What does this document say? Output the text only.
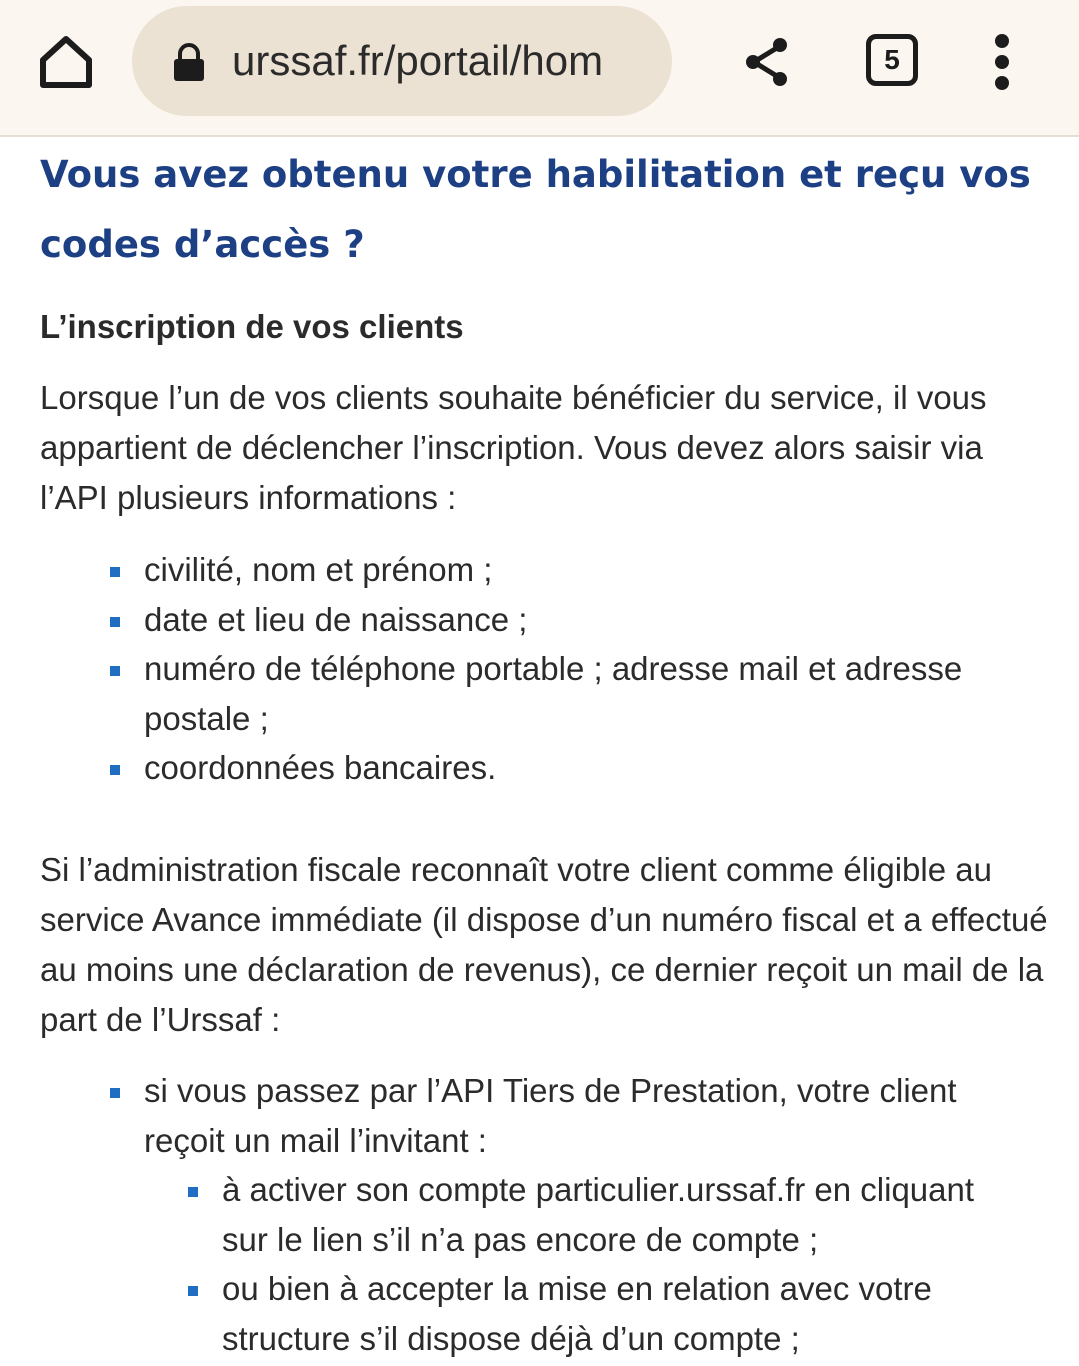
urssaf.fr/portail/hom	5
Vous avez obtenu votre habilitation et reçu vos codes d’accès ?
L’inscription de vos clients

Lorsque l’un de vos clients souhaite bénéficier du service, il vous appartient de déclencher l’inscription. Vous devez alors saisir via l’API plusieurs informations :

civilité, nom et prénom ;
date et lieu de naissance ;
numéro de téléphone portable ; adresse mail et adresse postale ;
coordonnées bancaires.

Si l’administration fiscale reconnaît votre client comme éligible au service Avance immédiate (il dispose d’un numéro fiscal et a effectué au moins une déclaration de revenus), ce dernier reçoit un mail de la part de l’Urssaf :

si vous passez par l’API Tiers de Prestation, votre client reçoit un mail l’invitant :
à activer son compte particulier.urssaf.fr en cliquant sur le lien s’il n’a pas encore de compte ;
ou bien à accepter la mise en relation avec votre structure s’il dispose déjà d’un compte ;
